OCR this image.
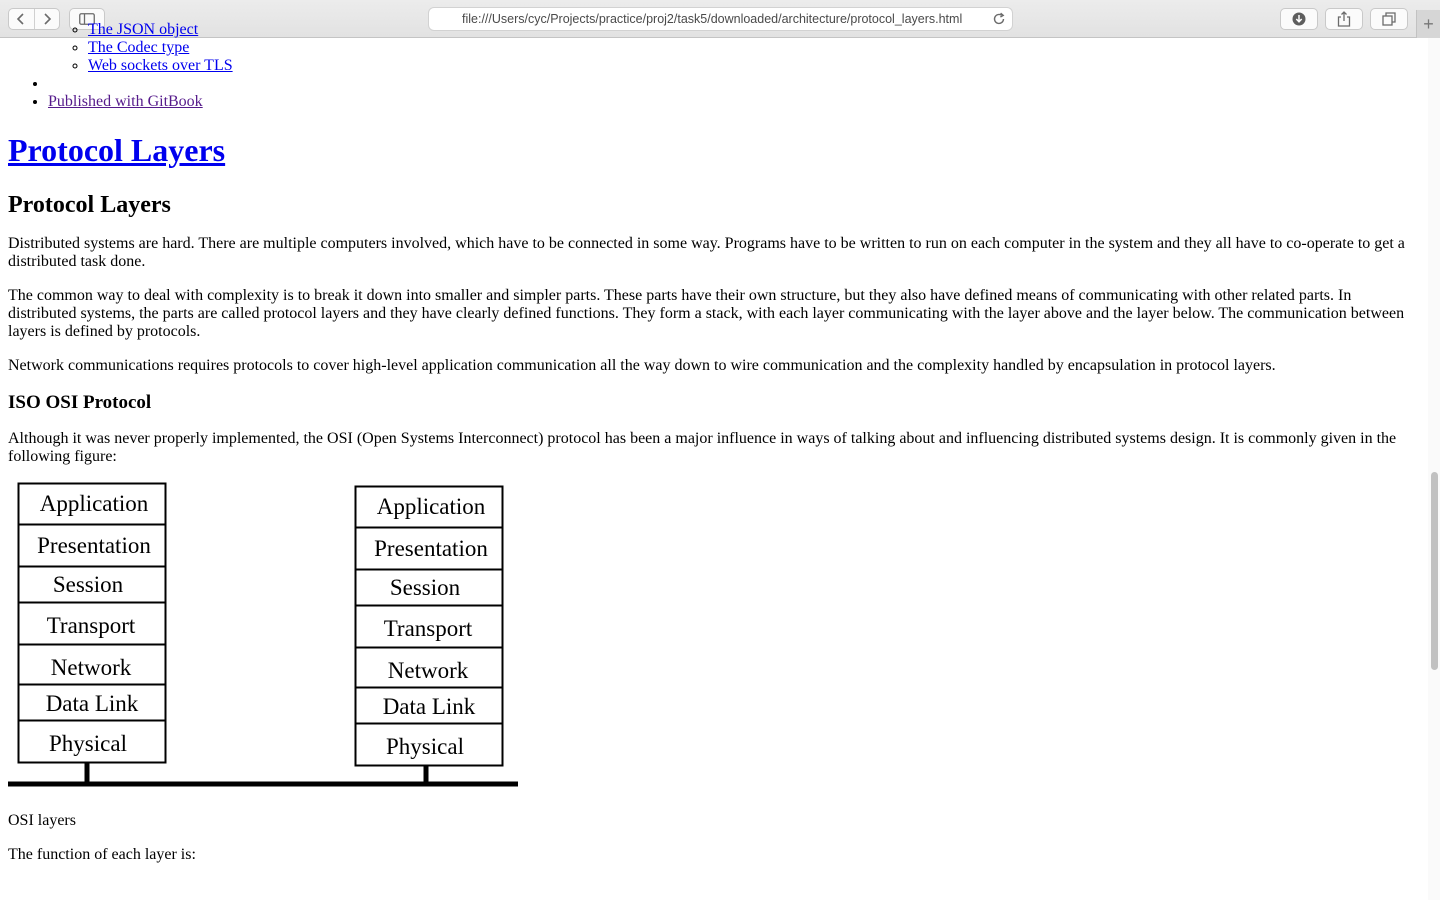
file:///Users/cyc/Projects/practice/proj2/task5/downloaded/architecture/protocol_layers.html	+
◦ The JSON object
◦ The Codec type
◦ Web sockets over TLS
•
• Published with GitBook
Protocol Layers
Protocol Layers

Distributed systems are hard. There are multiple computers involved, which have to be connected in some way. Programs have to be written to run on each computer in the system and they all have to co-operate to get a distributed task done.

The common way to deal with complexity is to break it down into smaller and simpler parts. These parts have their own structure, but they also have defined means of communicating with other related parts. In distributed systems, the parts are called protocol layers and they have clearly defined functions. They form a stack, with each layer communicating with the layer above and the layer below. The communication between layers is defined by protocols.

Network communications requires protocols to cover high-level application communication all the way down to wire communication and the complexity handled by encapsulation in protocol layers.

ISO OSI Protocol

Although it was never properly implemented, the OSI (Open Systems Interconnect) protocol has been a major influence in ways of talking about and influencing distributed systems design. It is commonly given in the following figure:

Application
Presentation
Session
Transport
Network
Data Link
Physical
Application
Presentation
Session
Transport
Network
Data Link
Physical

OSI layers

The function of each layer is:
